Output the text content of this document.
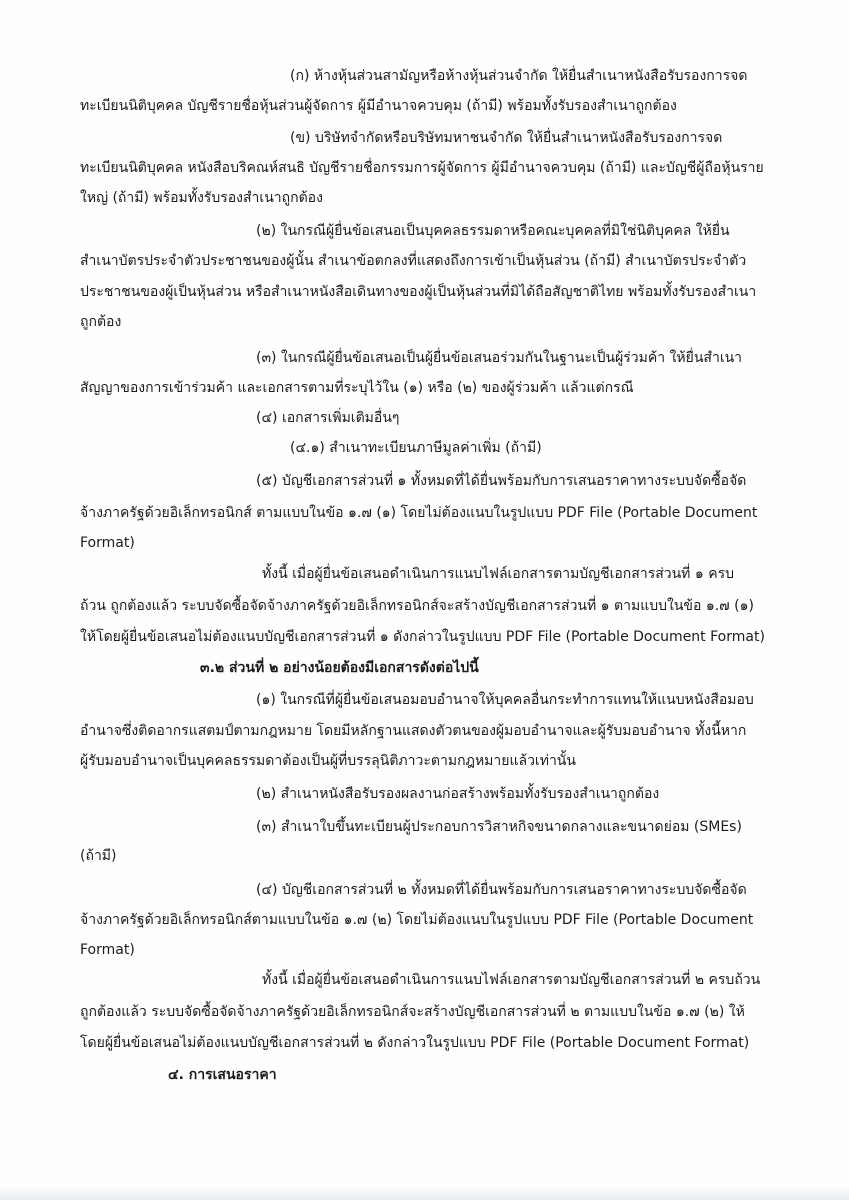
(ก) ห้างหุ้นส่วนสามัญหรือห้างหุ้นส่วนจำกัด ให้ยื่นสำเนาหนังสือรับรองการจด

ทะเบียนนิติบุคคล บัญชีรายชื่อหุ้นส่วนผู้จัดการ ผู้มีอำนาจควบคุม (ถ้ามี) พร้อมทั้งรับรองสำเนาถูกต้อง

(ข) บริษัทจำกัดหรือบริษัทมหาชนจำกัด ให้ยื่นสำเนาหนังสือรับรองการจด

ทะเบียนนิติบุคคล หนังสือบริคณห์สนธิ บัญชีรายชื่อกรรมการผู้จัดการ ผู้มีอำนาจควบคุม (ถ้ามี) และบัญชีผู้ถือหุ้นราย

ใหญ่ (ถ้ามี) พร้อมทั้งรับรองสำเนาถูกต้อง

(๒) ในกรณีผู้ยื่นข้อเสนอเป็นบุคคลธรรมดาหรือคณะบุคคลที่มิใช่นิติบุคคล ให้ยื่น

สำเนาบัตรประจำตัวประชาชนของผู้นั้น สำเนาข้อตกลงที่แสดงถึงการเข้าเป็นหุ้นส่วน (ถ้ามี) สำเนาบัตรประจำตัว

ประชาชนของผู้เป็นหุ้นส่วน หรือสำเนาหนังสือเดินทางของผู้เป็นหุ้นส่วนที่มิได้ถือสัญชาติไทย พร้อมทั้งรับรองสำเนา

ถูกต้อง

(๓) ในกรณีผู้ยื่นข้อเสนอเป็นผู้ยื่นข้อเสนอร่วมกันในฐานะเป็นผู้ร่วมค้า ให้ยื่นสำเนา

สัญญาของการเข้าร่วมค้า และเอกสารตามที่ระบุไว้ใน (๑) หรือ (๒) ของผู้ร่วมค้า แล้วแต่กรณี

(๔) เอกสารเพิ่มเติมอื่นๆ

(๔.๑) สำเนาทะเบียนภาษีมูลค่าเพิ่ม (ถ้ามี)

(๕) บัญชีเอกสารส่วนที่ ๑ ทั้งหมดที่ได้ยื่นพร้อมกับการเสนอราคาทางระบบจัดซื้อจัด

จ้างภาครัฐด้วยอิเล็กทรอนิกส์ ตามแบบในข้อ ๑.๗ (๑) โดยไม่ต้องแนบในรูปแบบ PDF File (Portable Document

Format)

ทั้งนี้ เมื่อผู้ยื่นข้อเสนอดำเนินการแนบไฟล์เอกสารตามบัญชีเอกสารส่วนที่ ๑ ครบ

ถ้วน ถูกต้องแล้ว ระบบจัดซื้อจัดจ้างภาครัฐด้วยอิเล็กทรอนิกส์จะสร้างบัญชีเอกสารส่วนที่ ๑ ตามแบบในข้อ ๑.๗ (๑)

ให้โดยผู้ยื่นข้อเสนอไม่ต้องแนบบัญชีเอกสารส่วนที่ ๑ ดังกล่าวในรูปแบบ PDF File (Portable Document Format)

๓.๒ ส่วนที่ ๒ อย่างน้อยต้องมีเอกสารดังต่อไปนี้

(๑) ในกรณีที่ผู้ยื่นข้อเสนอมอบอำนาจให้บุคคลอื่นกระทำการแทนให้แนบหนังสือมอบ

อำนาจซึ่งติดอากรแสตมป์ตามกฎหมาย โดยมีหลักฐานแสดงตัวตนของผู้มอบอำนาจและผู้รับมอบอำนาจ ทั้งนี้หาก

ผู้รับมอบอำนาจเป็นบุคคลธรรมดาต้องเป็นผู้ที่บรรลุนิติภาวะตามกฎหมายแล้วเท่านั้น

(๒) สำเนาหนังสือรับรองผลงานก่อสร้างพร้อมทั้งรับรองสำเนาถูกต้อง

(๓) สำเนาใบขึ้นทะเบียนผู้ประกอบการวิสาหกิจขนาดกลางและขนาดย่อม (SMEs)

(ถ้ามี)

(๔) บัญชีเอกสารส่วนที่ ๒ ทั้งหมดที่ได้ยื่นพร้อมกับการเสนอราคาทางระบบจัดซื้อจัด

จ้างภาครัฐด้วยอิเล็กทรอนิกส์ตามแบบในข้อ ๑.๗ (๒) โดยไม่ต้องแนบในรูปแบบ PDF File (Portable Document

Format)

ทั้งนี้ เมื่อผู้ยื่นข้อเสนอดำเนินการแนบไฟล์เอกสารตามบัญชีเอกสารส่วนที่ ๒ ครบถ้วน

ถูกต้องแล้ว ระบบจัดซื้อจัดจ้างภาครัฐด้วยอิเล็กทรอนิกส์จะสร้างบัญชีเอกสารส่วนที่ ๒ ตามแบบในข้อ ๑.๗ (๒) ให้

โดยผู้ยื่นข้อเสนอไม่ต้องแนบบัญชีเอกสารส่วนที่ ๒ ดังกล่าวในรูปแบบ PDF File (Portable Document Format)

๔. การเสนอราคา
